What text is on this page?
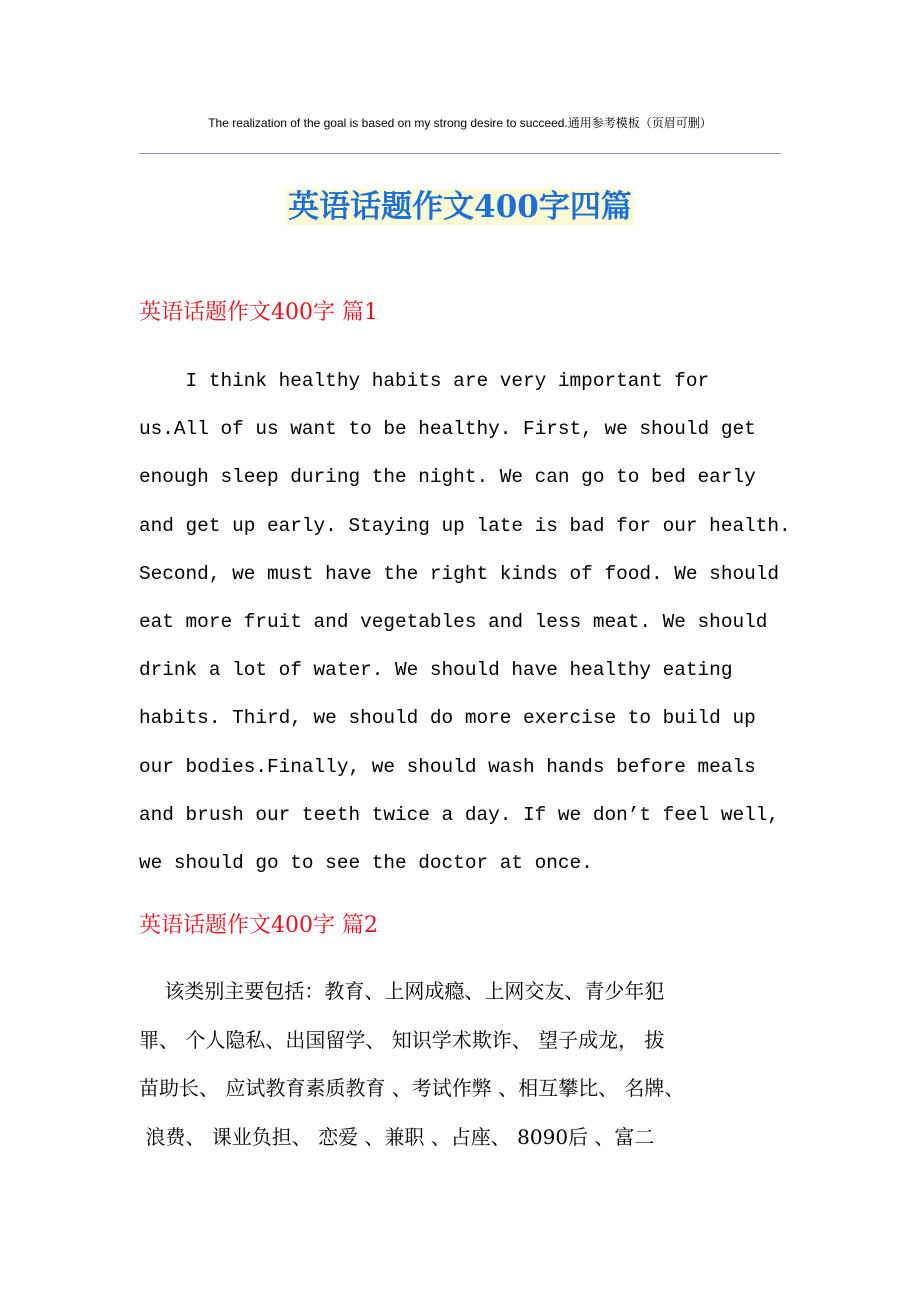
The realization of the goal is based on my strong desire to succeed.通用参考模板（页眉可删）
英语话题作文400字四篇
英语话题作文400字 篇1
I think healthy habits are very important for
us.All of us want to be healthy. First, we should get
enough sleep during the night. We can go to bed early
and get up early. Staying up late is bad for our health.
Second, we must have the right kinds of food. We should
eat more fruit and vegetables and less meat. We should
drink a lot of water. We should have healthy eating
habits. Third, we should do more exercise to build up
our bodies.Finally, we should wash hands before meals
and brush our teeth twice a day. If we don’t feel well,
we should go to see the doctor at once.
英语话题作文400字 篇2
该类别主要包括：教育、上网成瘾、上网交友、青少年犯
罪、 个人隐私、出国留学、 知识学术欺诈、 望子成龙， 拔
苗助长、 应试教育素质教育 、考试作弊 、相互攀比、 名牌、
浪费、 课业负担、 恋爱 、兼职 、占座、 8090后 、富二
